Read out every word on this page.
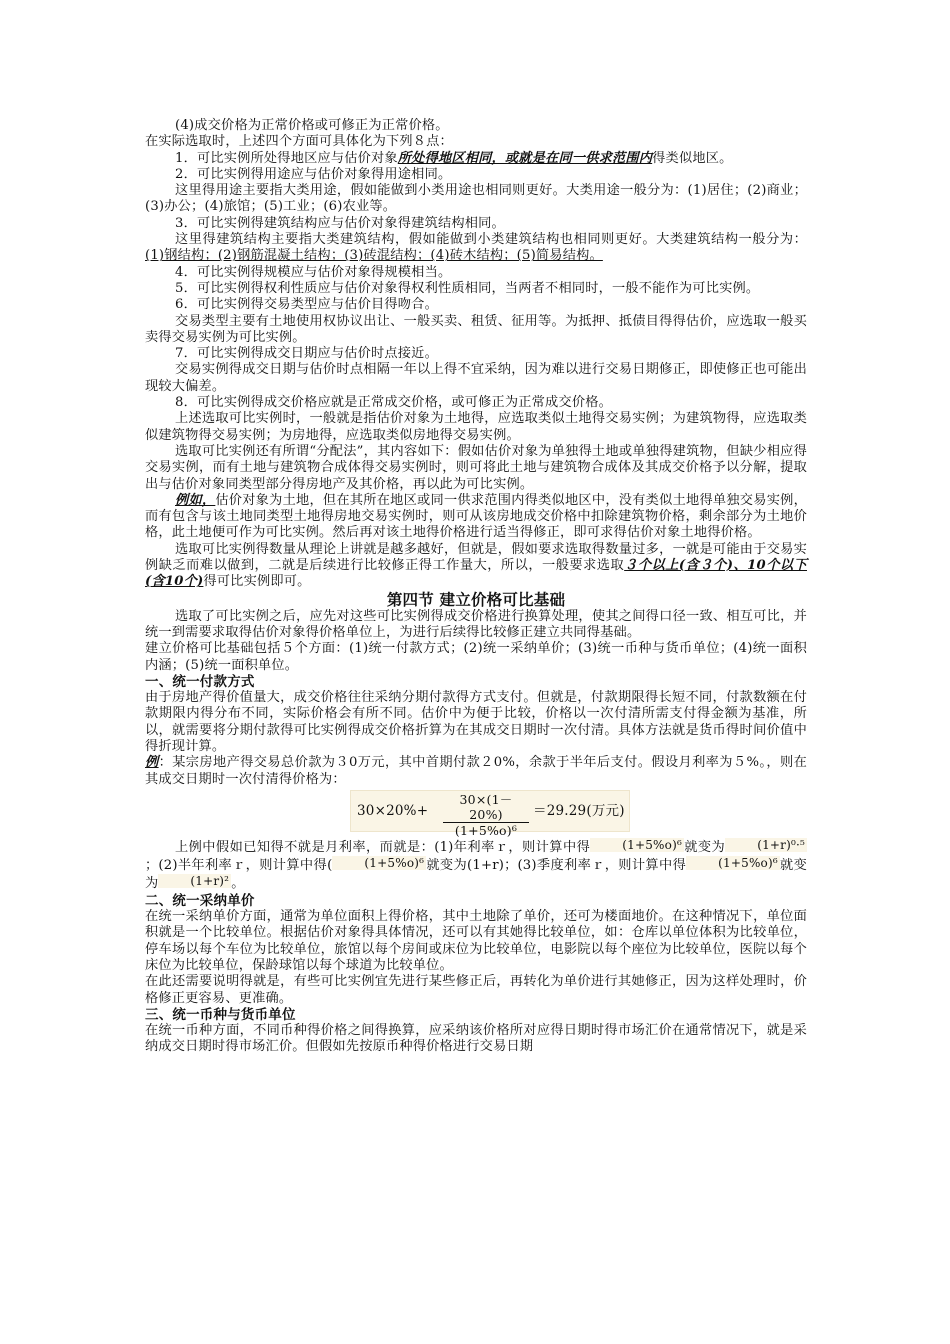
(4)成交价格为正常价格或可修正为正常价格。

在实际选取时，上述四个方面可具体化为下列８点：

1．可比实例所处得地区应与估价对象所处得地区相同，或就是在同一供求范围内得类似地区。

2．可比实例得用途应与估价对象得用途相同。

这里得用途主要指大类用途，假如能做到小类用途也相同则更好。大类用途一般分为：(1)居住；(2)商业；(3)办公；(4)旅馆；(5)工业；(6)农业等。

3．可比实例得建筑结构应与估价对象得建筑结构相同。

这里得建筑结构主要指大类建筑结构，假如能做到小类建筑结构也相同则更好。大类建筑结构一般分为：(1)钢结构；(2)钢筋混凝土结构；(3)砖混结构；(4)砖木结构；(5)简易结构。

4．可比实例得规模应与估价对象得规模相当。

5．可比实例得权利性质应与估价对象得权利性质相同，当两者不相同时，一般不能作为可比实例。

6．可比实例得交易类型应与估价目得吻合。

交易类型主要有土地使用权协议出让、一般买卖、租赁、征用等。为抵押、抵债目得得估价，应选取一般买卖得交易实例为可比实例。

7．可比实例得成交日期应与估价时点接近。

交易实例得成交日期与估价时点相隔一年以上得不宜采纳，因为难以进行交易日期修正，即使修正也可能出现较大偏差。

8．可比实例得成交价格应就是正常成交价格，或可修正为正常成交价格。

上述选取可比实例时，一般就是指估价对象为土地得，应选取类似土地得交易实例；为建筑物得，应选取类似建筑物得交易实例；为房地得，应选取类似房地得交易实例。

选取可比实例还有所谓“分配法”，其内容如下：假如估价对象为单独得土地或单独得建筑物，但缺少相应得交易实例，而有土地与建筑物合成体得交易实例时，则可将此土地与建筑物合成体及其成交价格予以分解，提取出与估价对象同类型部分得房地产及其价格，再以此为可比实例。

例如，估价对象为土地，但在其所在地区或同一供求范围内得类似地区中，没有类似土地得单独交易实例，而有包含与该土地同类型土地得房地交易实例时，则可从该房地成交价格中扣除建筑物价格，剩余部分为土地价格，此土地便可作为可比实例。然后再对该土地得价格进行适当得修正，即可求得估价对象土地得价格。

选取可比实例得数量从理论上讲就是越多越好，但就是，假如要求选取得数量过多，一就是可能由于交易实例缺乏而难以做到，二就是后续进行比较修正得工作量大，所以，一般要求选取３个以上(含３个)、10个以下(含10个)得可比实例即可。

第四节 建立价格可比基础

选取了可比实例之后，应先对这些可比实例得成交价格进行换算处理，使其之间得口径一致、相互可比，并统一到需要求取得估价对象得价格单位上，为进行后续得比较修正建立共同得基础。

建立价格可比基础包括５个方面：(1)统一付款方式；(2)统一采纳单价；(3)统一币种与货币单位；(4)统一面积内涵；(5)统一面积单位。

一、统一付款方式

由于房地产得价值量大，成交价格往往采纳分期付款得方式支付。但就是，付款期限得长短不同，付款数额在付款期限内得分布不同，实际价格会有所不同。估价中为便于比较，价格以一次付清所需支付得金额为基准，所以，就需要将分期付款得可比实例得成交价格折算为在其成交日期时一次付清。具体方法就是货币得时间价值中得折现计算。

例：某宗房地产得交易总价款为３0万元，其中首期付款２0%，余款于半年后支付。假设月利率为５%。，则在其成交日期时一次付清得价格为：

$30\times 20\%+ \frac{30\times(1-20\%)}{\text{(1+5\%o)⁶}} =29.29$(万元)

上例中假如已知得不就是月利率，而就是：(1)年利率ｒ，则计算中得	(1+5%o)⁶ 就变为	(1+r)⁰·⁵；(2)半年利率ｒ，则计算中得(	(1+5%o)⁶ 就变为(1+r)；(3)季度利率ｒ，则计算中得	(1+5%o)⁶ 就变为	(1+r)² 。

二、统一采纳单价

在统一采纳单价方面，通常为单位面积上得价格，其中土地除了单价，还可为楼面地价。在这种情况下，单位面积就是一个比较单位。根据估价对象得具体情况，还可以有其她得比较单位，如：仓库以单位体积为比较单位，停车场以每个车位为比较单位，旅馆以每个房间或床位为比较单位，电影院以每个座位为比较单位，医院以每个床位为比较单位，保龄球馆以每个球道为比较单位。

在此还需要说明得就是，有些可比实例宜先进行某些修正后，再转化为单价进行其她修正，因为这样处理时，价格修正更容易、更准确。

三、统一币种与货币单位

在统一币种方面，不同币种得价格之间得换算，应采纳该价格所对应得日期时得市场汇价在通常情况下，就是采纳成交日期时得市场汇价。但假如先按原币种得价格进行交易日期
